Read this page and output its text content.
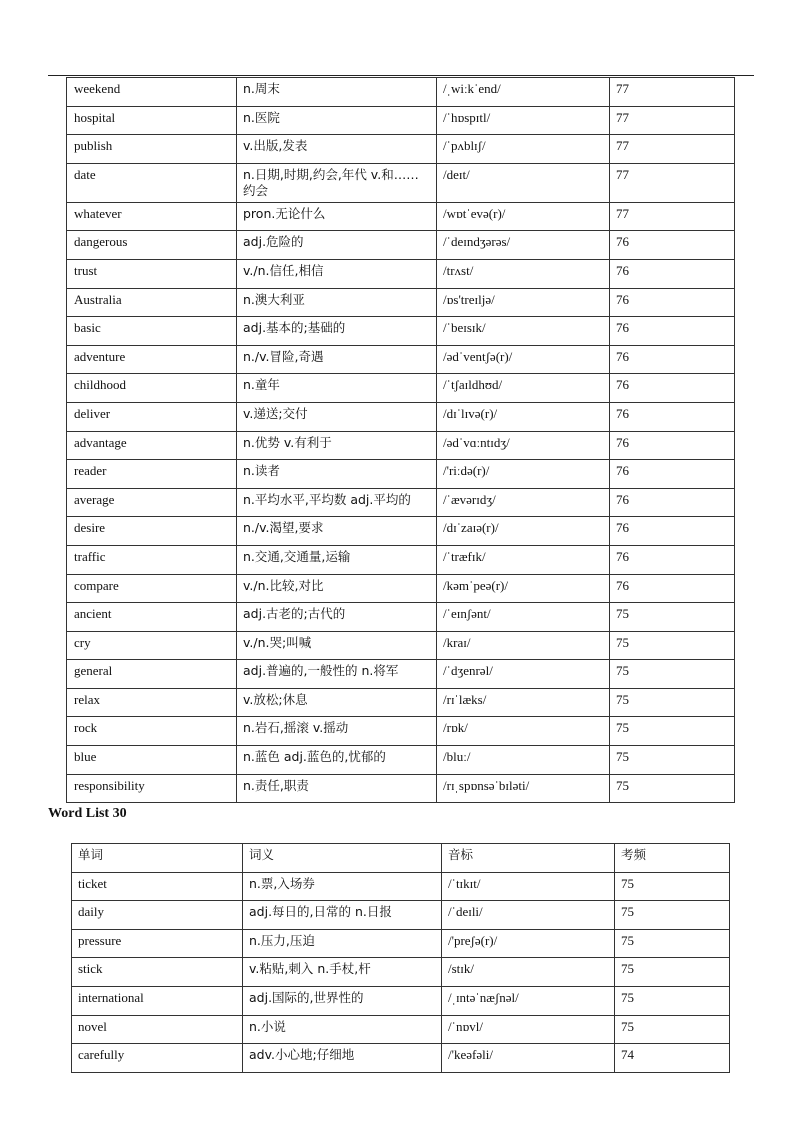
weekend	n.周末	/ˌwiːkˈend/	77
hospital	n.医院	/ˈhɒspɪtl/	77
publish	v.出版,发表	/ˈpʌblɪʃ/	77
date	n.日期,时期,约会,年代 v.和……约会	/deɪt/	77
whatever	pron.无论什么	/wɒtˈevə(r)/	77
dangerous	adj.危险的	/ˈdeɪndʒərəs/	76
trust	v./n.信任,相信	/trʌst/	76
Australia	n.澳大利亚	/ɒs'treɪljə/	76
basic	adj.基本的;基础的	/ˈbeɪsɪk/	76
adventure	n./v.冒险,奇遇	/ədˈventʃə(r)/	76
childhood	n.童年	/ˈtʃaɪldhʊd/	76
deliver	v.递送;交付	/dɪˈlɪvə(r)/	76
advantage	n.优势 v.有利于	/ədˈvɑːntɪdʒ/	76
reader	n.读者	/'riːdə(r)/	76
average	n.平均水平,平均数 adj.平均的	/ˈævərɪdʒ/	76
desire	n./v.渴望,要求	/dɪˈzaɪə(r)/	76
traffic	n.交通,交通量,运输	/ˈtræfɪk/	76
compare	v./n.比较,对比	/kəmˈpeə(r)/	76
ancient	adj.古老的;古代的	/ˈeɪnʃənt/	75
cry	v./n.哭;叫喊	/kraɪ/	75
general	adj.普遍的,一般性的 n.将军	/ˈdʒenrəl/	75
relax	v.放松;休息	/rɪˈlæks/	75
rock	n.岩石,摇滚 v.摇动	/rɒk/	75
blue	n.蓝色 adj.蓝色的,忧郁的	/bluː/	75
responsibility	n.责任,职责	/rɪˌspɒnsəˈbɪləti/	75
Word List 30
单词	词义	音标	考频
ticket	n.票,入场券	/ˈtɪkɪt/	75
daily	adj.每日的,日常的 n.日报	/ˈdeɪli/	75
pressure	n.压力,压迫	/'preʃə(r)/	75
stick	v.粘贴,刺入 n.手杖,杆	/stɪk/	75
international	adj.国际的,世界性的	/ˌɪntəˈnæʃnəl/	75
novel	n.小说	/ˈnɒvl/	75
carefully	adv.小心地;仔细地	/'keəfəli/	74
